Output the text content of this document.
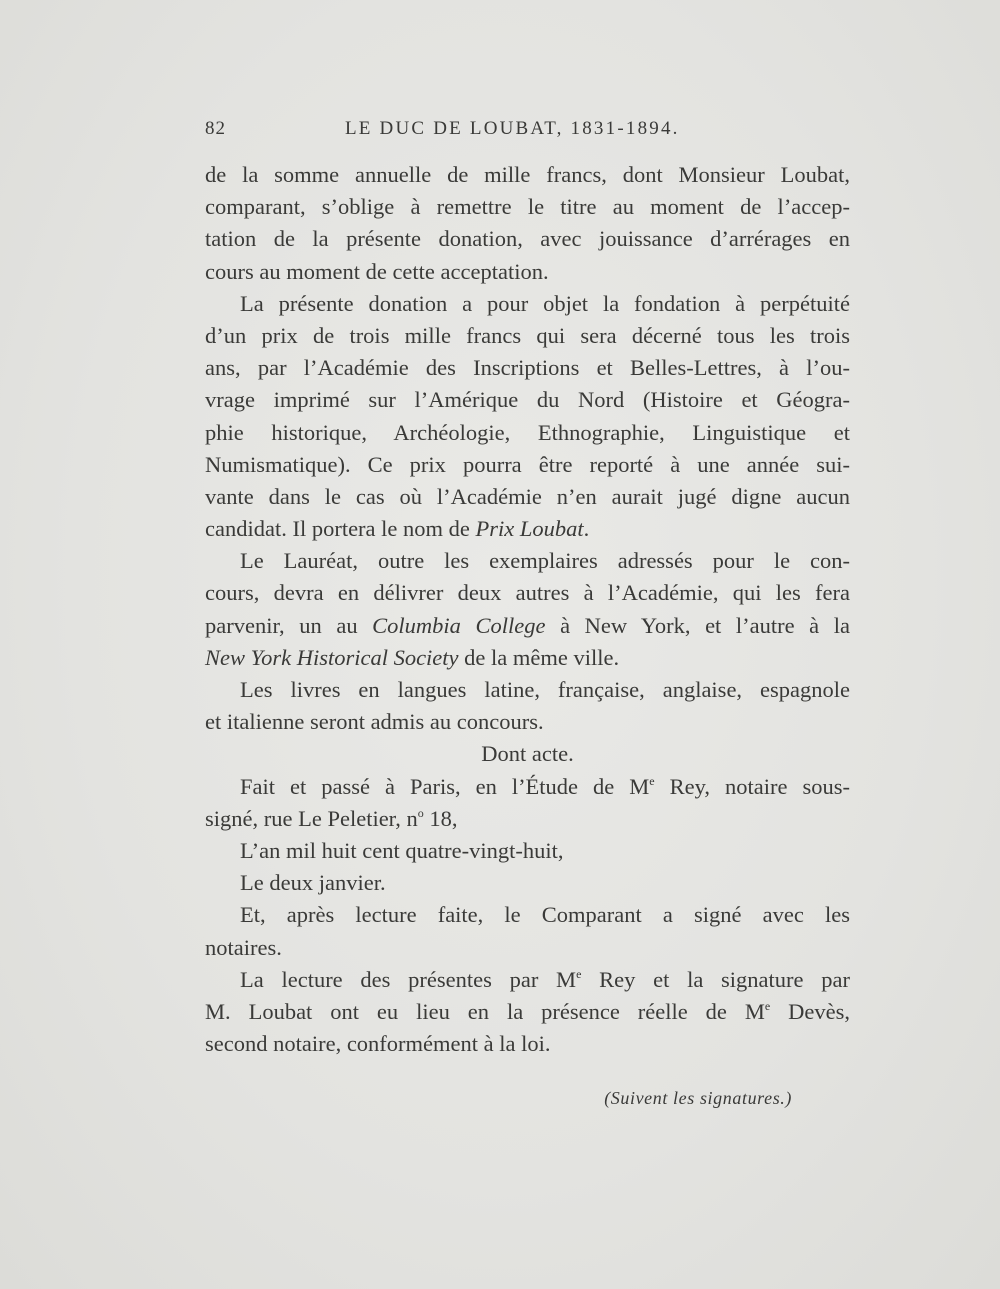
82	LE DUC DE LOUBAT, 1831-1894.
de la somme annuelle de mille francs, dont Monsieur Loubat,
comparant, s’oblige à remettre le titre au moment de l’accep-
tation de la présente donation, avec jouissance d’arrérages en
cours au moment de cette acceptation.
La présente donation a pour objet la fondation à perpétuité
d’un prix de trois mille francs qui sera décerné tous les trois
ans, par l’Académie des Inscriptions et Belles-Lettres, à l’ou-
vrage imprimé sur l’Amérique du Nord (Histoire et Géogra-
phie historique, Archéologie, Ethnographie, Linguistique et
Numismatique). Ce prix pourra être reporté à une année sui-
vante dans le cas où l’Académie n’en aurait jugé digne aucun
candidat. Il portera le nom de Prix Loubat.
Le Lauréat, outre les exemplaires adressés pour le con-
cours, devra en délivrer deux autres à l’Académie, qui les fera
parvenir, un au Columbia College à New York, et l’autre à la
New York Historical Society de la même ville.
Les livres en langues latine, française, anglaise, espagnole
et italienne seront admis au concours.
Dont acte.
Fait et passé à Paris, en l’Étude de Me Rey, notaire sous-
signé, rue Le Peletier, $n^o$ 18,
L’an mil huit cent quatre-vingt-huit,
Le deux janvier.
Et, après lecture faite, le Comparant a signé avec les
notaires.
La lecture des présentes par Me Rey et la signature par
M. Loubat ont eu lieu en la présence réelle de Me Devès,
second notaire, conformément à la loi.
(Suivent les signatures.)
